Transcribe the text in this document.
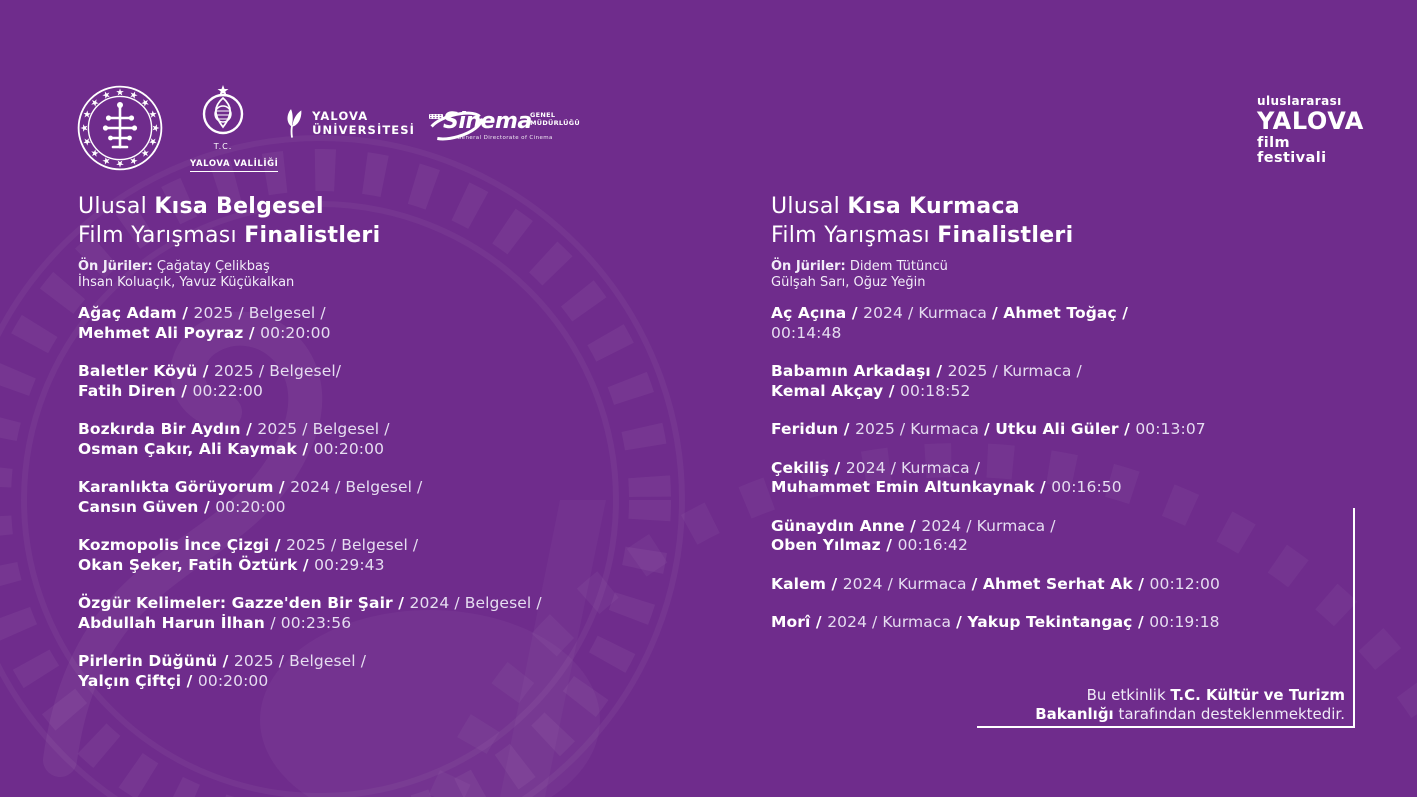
T.C.
YALOVA VALİLİĞİ
YALOVA
ÜNİVERSİTESİ Sinema
GENEL
MÜDÜRLÜĞÜ
General Directorate of Cinema
uluslararası
YALOVA
film festivali
Ulusal Kısa Belgesel
Film Yarışması Finalistleri
Ön Jüriler: Çağatay Çelikbaş
İhsan Koluaçık, Yavuz Küçükalkan
Ağaç Adam / 2025 / Belgesel /
Mehmet Ali Poyraz / 00:20:00
Baletler Köyü / 2025 / Belgesel/
Fatih Diren / 00:22:00
Bozkırda Bir Aydın / 2025 / Belgesel /
Osman Çakır, Ali Kaymak / 00:20:00
Karanlıkta Görüyorum / 2024 / Belgesel /
Cansın Güven / 00:20:00
Kozmopolis İnce Çizgi / 2025 / Belgesel /
Okan Şeker, Fatih Öztürk / 00:29:43
Özgür Kelimeler: Gazze'den Bir Şair / 2024 / Belgesel /
Abdullah Harun İlhan / 00:23:56
Pirlerin Düğünü / 2025 / Belgesel /
Yalçın Çiftçi / 00:20:00
Ulusal Kısa Kurmaca
Film Yarışması Finalistleri
Ön Jüriler: Didem Tütüncü
Gülşah Sarı, Oğuz Yeğin
Aç Açına / 2024 / Kurmaca / Ahmet Toğaç /
00:14:48
Babamın Arkadaşı / 2025 / Kurmaca /
Kemal Akçay / 00:18:52
Feridun / 2025 / Kurmaca / Utku Ali Güler / 00:13:07
Çekiliş / 2024 / Kurmaca /
Muhammet Emin Altunkaynak / 00:16:50
Günaydın Anne / 2024 / Kurmaca /
Oben Yılmaz / 00:16:42
Kalem / 2024 / Kurmaca / Ahmet Serhat Ak / 00:12:00
Morî / 2024 / Kurmaca / Yakup Tekintangaç / 00:19:18
Bu etkinlik T.C. Kültür ve Turizm
Bakanlığı tarafından desteklenmektedir.
